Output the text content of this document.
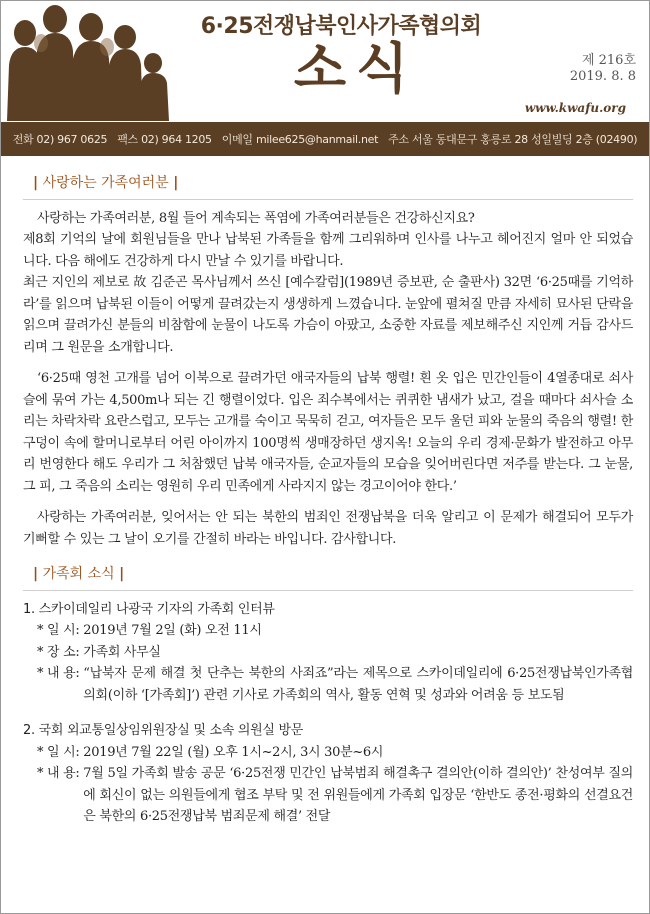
6·25전쟁납북인사가족협의회
소식	제 216호
2019. 8. 8
www.kwafu.org
전화 02) 967 0625 팩스 02) 964 1205 이메일 milee625@hanmail.net 주소 서울 동대문구 홍릉로 28 성일빌딩 2층 (02490)
| 사랑하는 가족여러분 |

사랑하는 가족여러분, 8월 들어 계속되는 폭염에 가족여러분들은 건강하신지요?

제8회 기억의 날에 회원님들을 만나 납북된 가족들을 함께 그리워하며 인사를 나누고 헤어진지 얼마 안 되었습니다. 다음 해에도 건강하게 다시 만날 수 있기를 바랍니다.

최근 지인의 제보로 故 김준곤 목사님께서 쓰신 [예수칼럼](1989년 증보판, 순 출판사) 32면 ‘6·25때를 기억하라’를 읽으며 납북된 이들이 어떻게 끌려갔는지 생생하게 느꼈습니다. 눈앞에 펼쳐질 만큼 자세히 묘사된 단락을 읽으며 끌려가신 분들의 비참함에 눈물이 나도록 가슴이 아팠고, 소중한 자료를 제보해주신 지인께 거듭 감사드리며 그 원문을 소개합니다.

‘6·25때 영천 고개를 넘어 이북으로 끌려가던 애국자들의 납북 행렬! 흰 옷 입은 민간인들이 4열종대로 쇠사슬에 묶여 가는 4,500m나 되는 긴 행렬이었다. 입은 죄수복에서는 퀴퀴한 냄새가 났고, 걸을 때마다 쇠사슬 소리는 차락차락 요란스럽고, 모두는 고개를 숙이고 묵묵히 걷고, 여자들은 모두 울던 피와 눈물의 죽음의 행렬! 한 구덩이 속에 할머니로부터 어린 아이까지 100명씩 생매장하던 생지옥! 오늘의 우리 경제·문화가 발전하고 아무리 번영한다 해도 우리가 그 처참했던 납북 애국자들, 순교자들의 모습을 잊어버린다면 저주를 받는다. 그 눈물, 그 피, 그 죽음의 소리는 영원히 우리 민족에게 사라지지 않는 경고이어야 한다.’

사랑하는 가족여러분, 잊어서는 안 되는 북한의 범죄인 전쟁납북을 더욱 알리고 이 문제가 해결되어 모두가 기뻐할 수 있는 그 날이 오기를 간절히 바라는 바입니다. 감사합니다.

| 가족회 소식 |
1. 스카이데일리 나광국 기자의 가족회 인터뷰
* 일 시: 2019년 7월 2일 (화) 오전 11시
* 장 소: 가족회 사무실
* 내 용: “납북자 문제 해결 첫 단추는 북한의 사죄죠”라는 제목으로 스카이데일리에 6·25전쟁납북인가족협의회(이하 ‘[가족회]’) 관련 기사로 가족회의 역사, 활동 연혁 및 성과와 어려움 등 보도됨
2. 국회 외교통일상임위원장실 및 소속 의원실 방문
* 일 시: 2019년 7월 22일 (월) 오후 1시~2시, 3시 30분~6시
* 내 용: 7월 5일 가족회 발송 공문 ‘6·25전쟁 민간인 납북범죄 해결촉구 결의안(이하 결의안)’ 찬성여부 질의에 회신이 없는 의원들에게 협조 부탁 및 전 위원들에게 가족회 입장문 ‘한반도 종전·평화의 선결요건은 북한의 6·25전쟁납북 범죄문제 해결’ 전달
